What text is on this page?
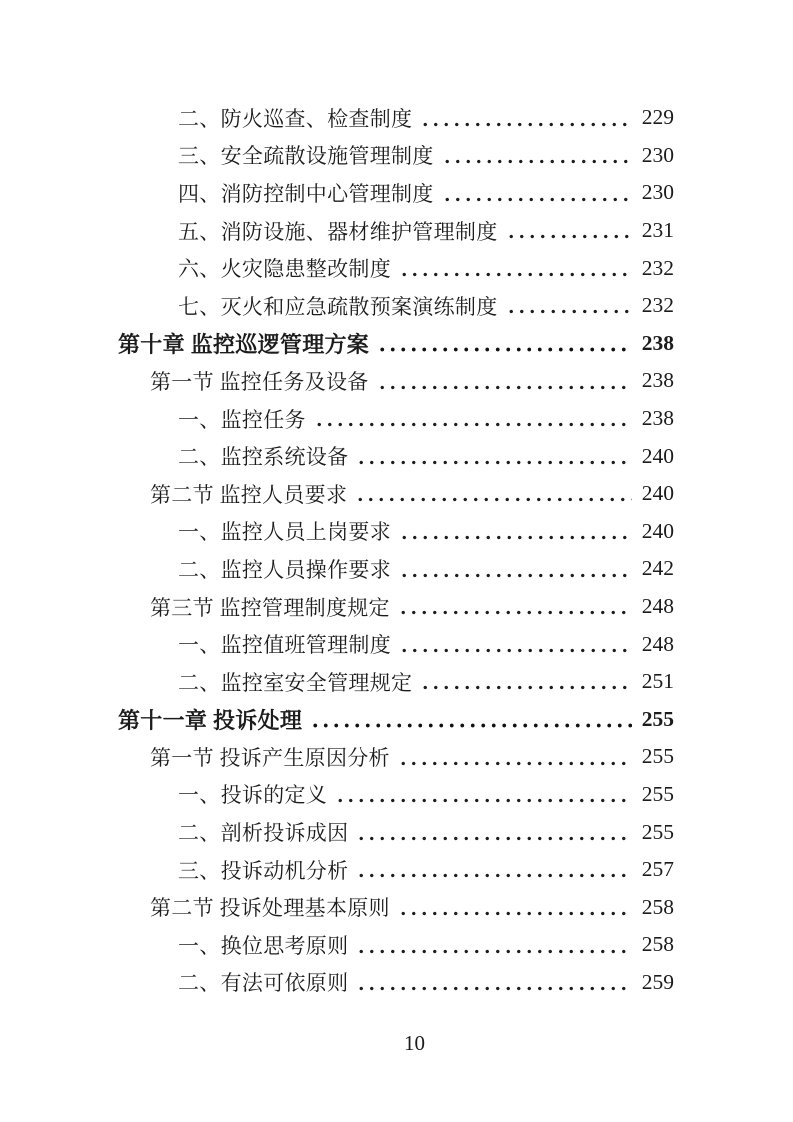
二、防火巡查、检查制度	229
三、安全疏散设施管理制度	230
四、消防控制中心管理制度	230
五、消防设施、器材维护管理制度	231
六、火灾隐患整改制度	232
七、灭火和应急疏散预案演练制度	232
第十章 监控巡逻管理方案	238
第一节 监控任务及设备	238
一、监控任务	238
二、监控系统设备	240
第二节 监控人员要求	240
一、监控人员上岗要求	240
二、监控人员操作要求	242
第三节 监控管理制度规定	248
一、监控值班管理制度	248
二、监控室安全管理规定	251
第十一章 投诉处理	255
第一节 投诉产生原因分析	255
一、投诉的定义	255
二、剖析投诉成因	255
三、投诉动机分析	257
第二节 投诉处理基本原则	258
一、换位思考原则	258
二、有法可依原则	259
10
